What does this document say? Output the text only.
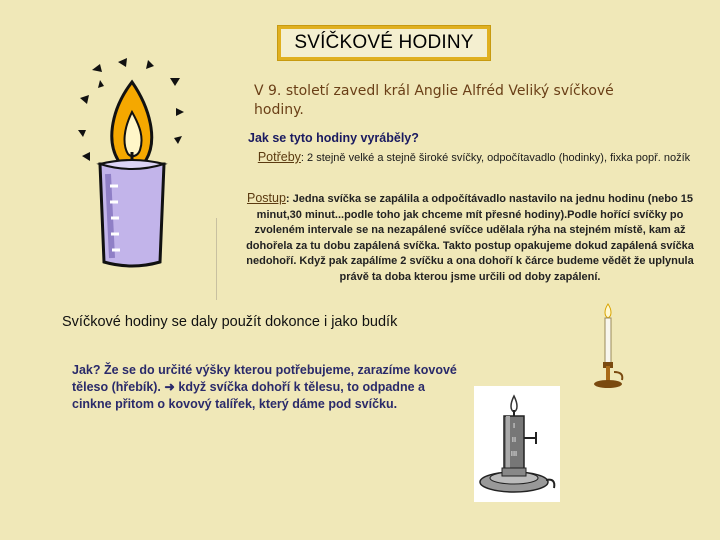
SVÍČKOVÉ HODINY
V 9. století zavedl král Anglie Alfréd Veliký svíčkové hodiny.
Jak se tyto hodiny vyráběly?
Potřeby: 2 stejně velké a stejně široké svíčky, odpočítavadlo (hodinky), fixka popř. nožík
Postup: Jedna svíčka se zapálila a odpočítávadlo nastavilo na jednu hodinu (nebo 15 minut,30 minut...podle toho jak chceme mít přesné hodiny).Podle hořící svíčky po zvoleném intervale se na nezapálené svíčce udělala rýha na stejném místě, kam až dohořela za tu dobu zapálená svíčka. Takto postup opakujeme dokud zapálená svíčka nedohoří. Když pak zapálíme 2 svíčku a ona dohoří k čárce budeme vědět že uplynula právě ta doba kterou jsme určili od doby zapálení.
Svíčkové hodiny se daly použít dokonce i jako budík
Jak? Že se do určité výšky kterou potřebujeme, zarazíme kovové těleso (hřebík). ➜ když svíčka dohoří k tělesu, to odpadne a cinkne přitom o kovový talířek, který dáme pod svíčku.
I
II
III
